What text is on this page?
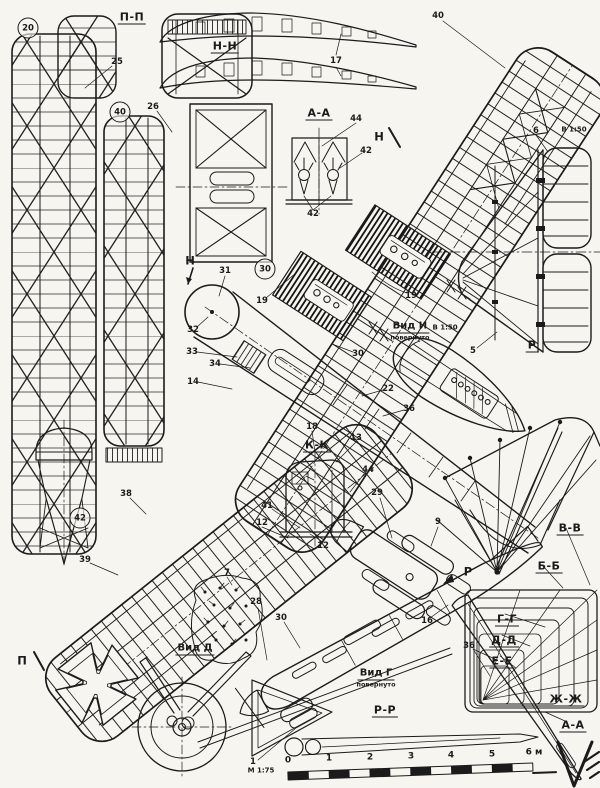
П-П
Н-Н
А-А
К-К
Р-Р
В-В
Б-Б
Г-Г
Д-Д
Е-Е
Ж-Ж
А-А
Р
Вид Д
Вид Г
повернуто
Вид И
повернуто
В 1:50
В 1:50
Н
Н
П
Р
20
40
30
42
25
26
40
17
44
42
42
6
5
31
19	19
32
33
34
14
30
22
36
13
44
29
9
12
18
41
12
7
28
30
39
38
16
36
1
М 1:75
0	1	2	3	4	5	6 м
